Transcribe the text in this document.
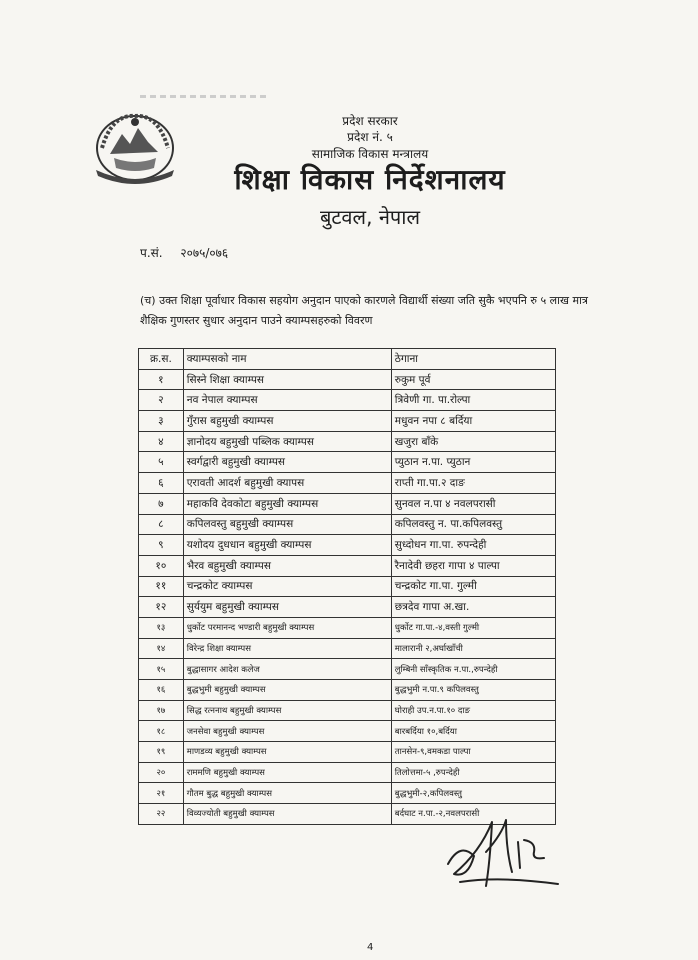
प्रदेश सरकार
प्रदेश नं. ५
सामाजिक विकास मन्त्रालय
शिक्षा विकास निर्देशनालय
बुटवल, नेपाल
प.सं. २०७५/०७६
(च) उक्त शिक्षा पूर्वाधार विकास सहयोग अनुदान पाएको कारणले विद्यार्थी संख्या जति सुकै भएपनि रु ५ लाख मात्र शैक्षिक गुणस्तर सुधार अनुदान पाउने क्याम्पसहरुको विवरण
क्र.स.	क्याम्पसको नाम	ठेगाना
१	सिस्ने शिक्षा क्याम्पस	रुकुम पूर्व
२	नव नेपाल क्याम्पस	त्रिवेणी गा. पा.रोल्पा
३	गुँरास बहुमुखी क्याम्पस	मधुवन नपा ८ बर्दिया
४	ज्ञानोदय बहुमुखी पब्लिक क्याम्पस	खजुरा बाँके
५	स्वर्गद्वारी बहुमुखी क्याम्पस	प्युठान न.पा. प्युठान
६	एरावती आदर्श बहुमुखी क्यापस	राप्ती गा.पा.२ दाङ
७	महाकवि देवकोटा बहुमुखी क्याम्पस	सुनवल न.पा ४ नवलपरासी
८	कपिलवस्तु बहुमुखी क्याम्पस	कपिलवस्तु न. पा.कपिलवस्तु
९	यशोदय दुधधान बहुमुखी क्याम्पस	सुध्दोधन गा.पा. रुपन्देही
१०	भैरव बहुमुखी क्याम्पस	रैनादेवी छहरा गापा ४ पाल्पा
११	चन्द्रकोट क्याम्पस	चन्द्रकोट गा.पा. गुल्मी
१२	सुर्ययुम बहुमुखी क्याम्पस	छत्रदेव गापा अ.खा.
१३	धुर्कोट परमानन्द भण्डारी बहुमुखी क्याम्पस	धुर्कोट गा.पा.-४,वस्ती गुल्मी
१४	विरेन्द्र शिक्षा क्याम्पस	मालारानी २,अर्घाखाँची
१५	बुद्धासागर आदेश कलेज	लुम्बिनी साँस्कृतिक न.पा.,रुपन्देही
१६	बुद्धभुमी बहुमुखी क्याम्पस	बुद्धभुमी न.पा.९ कपिलवस्तु
१७	सिद्ध रत्ननाथ बहुमुखी क्याम्पस	घोराही उप.न.पा.१० दाङ
१८	जनसेवा बहुमुखी क्याम्पस	बारबर्दिया १०,बर्दिया
१९	माणडव्य बहुमुखी क्याम्पस	तानसेन-९,वमकडा पाल्पा
२०	राममणि बहुमुखी क्याम्पस	तिलोत्तमा-५ ,रुपन्देही
२१	गौतम बुद्ध बहुमुखी क्याम्पस	बुद्धभुमी-२,कपिलवस्तु
२२	विव्यज्योती बहुमुखी क्याम्पस	बर्दघाट न.पा.-२,नवलपरासी
4
